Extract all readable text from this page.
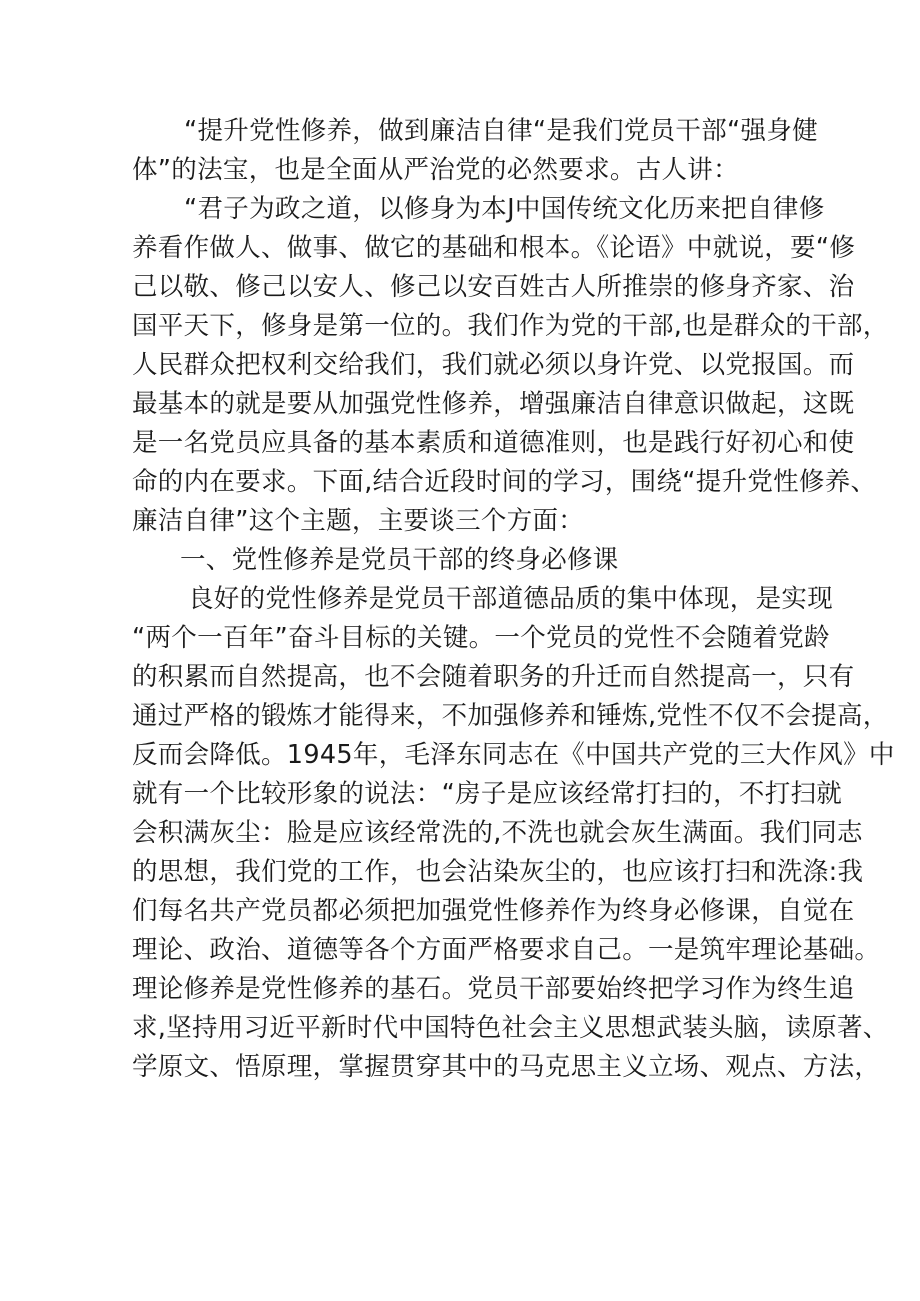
“提升党性修养，做到廉洁自律“是我们党员干部“强身健
体”的法宝，也是全面从严治党的必然要求。古人讲：
“君子为政之道，以修身为本J中国传统文化历来把自律修
养看作做人、做事、做它的基础和根本。《论语》中就说，要“修
己以敬、修己以安人、修己以安百姓古人所推崇的修身齐家、治
国平天下，修身是第一位的。我们作为党的干部,也是群众的干部，
人民群众把权利交给我们，我们就必须以身许党、以党报国。而
最基本的就是要从加强党性修养，增强廉洁自律意识做起，这既
是一名党员应具备的基本素质和道德准则，也是践行好初心和使
命的内在要求。下面,结合近段时间的学习，围绕“提升党性修养、
廉洁自律”这个主题，主要谈三个方面：
一、党性修养是党员干部的终身必修课
良好的党性修养是党员干部道德品质的集中体现，是实现
“两个一百年”奋斗目标的关键。一个党员的党性不会随着党龄
的积累而自然提高，也不会随着职务的升迁而自然提高一，只有
通过严格的锻炼才能得来，不加强修养和锤炼,党性不仅不会提高，
反而会降低。1945年，毛泽东同志在《中国共产党的三大作风》中
就有一个比较形象的说法：“房子是应该经常打扫的，不打扫就
会积满灰尘：脸是应该经常洗的,不洗也就会灰生满面。我们同志
的思想，我们党的工作，也会沾染灰尘的，也应该打扫和洗涤:我
们每名共产党员都必须把加强党性修养作为终身必修课，自觉在
理论、政治、道德等各个方面严格要求自己。一是筑牢理论基础。
理论修养是党性修养的基石。党员干部要始终把学习作为终生追
求,坚持用习近平新时代中国特色社会主义思想武装头脑，读原著、
学原文、悟原理，掌握贯穿其中的马克思主义立场、观点、方法，
